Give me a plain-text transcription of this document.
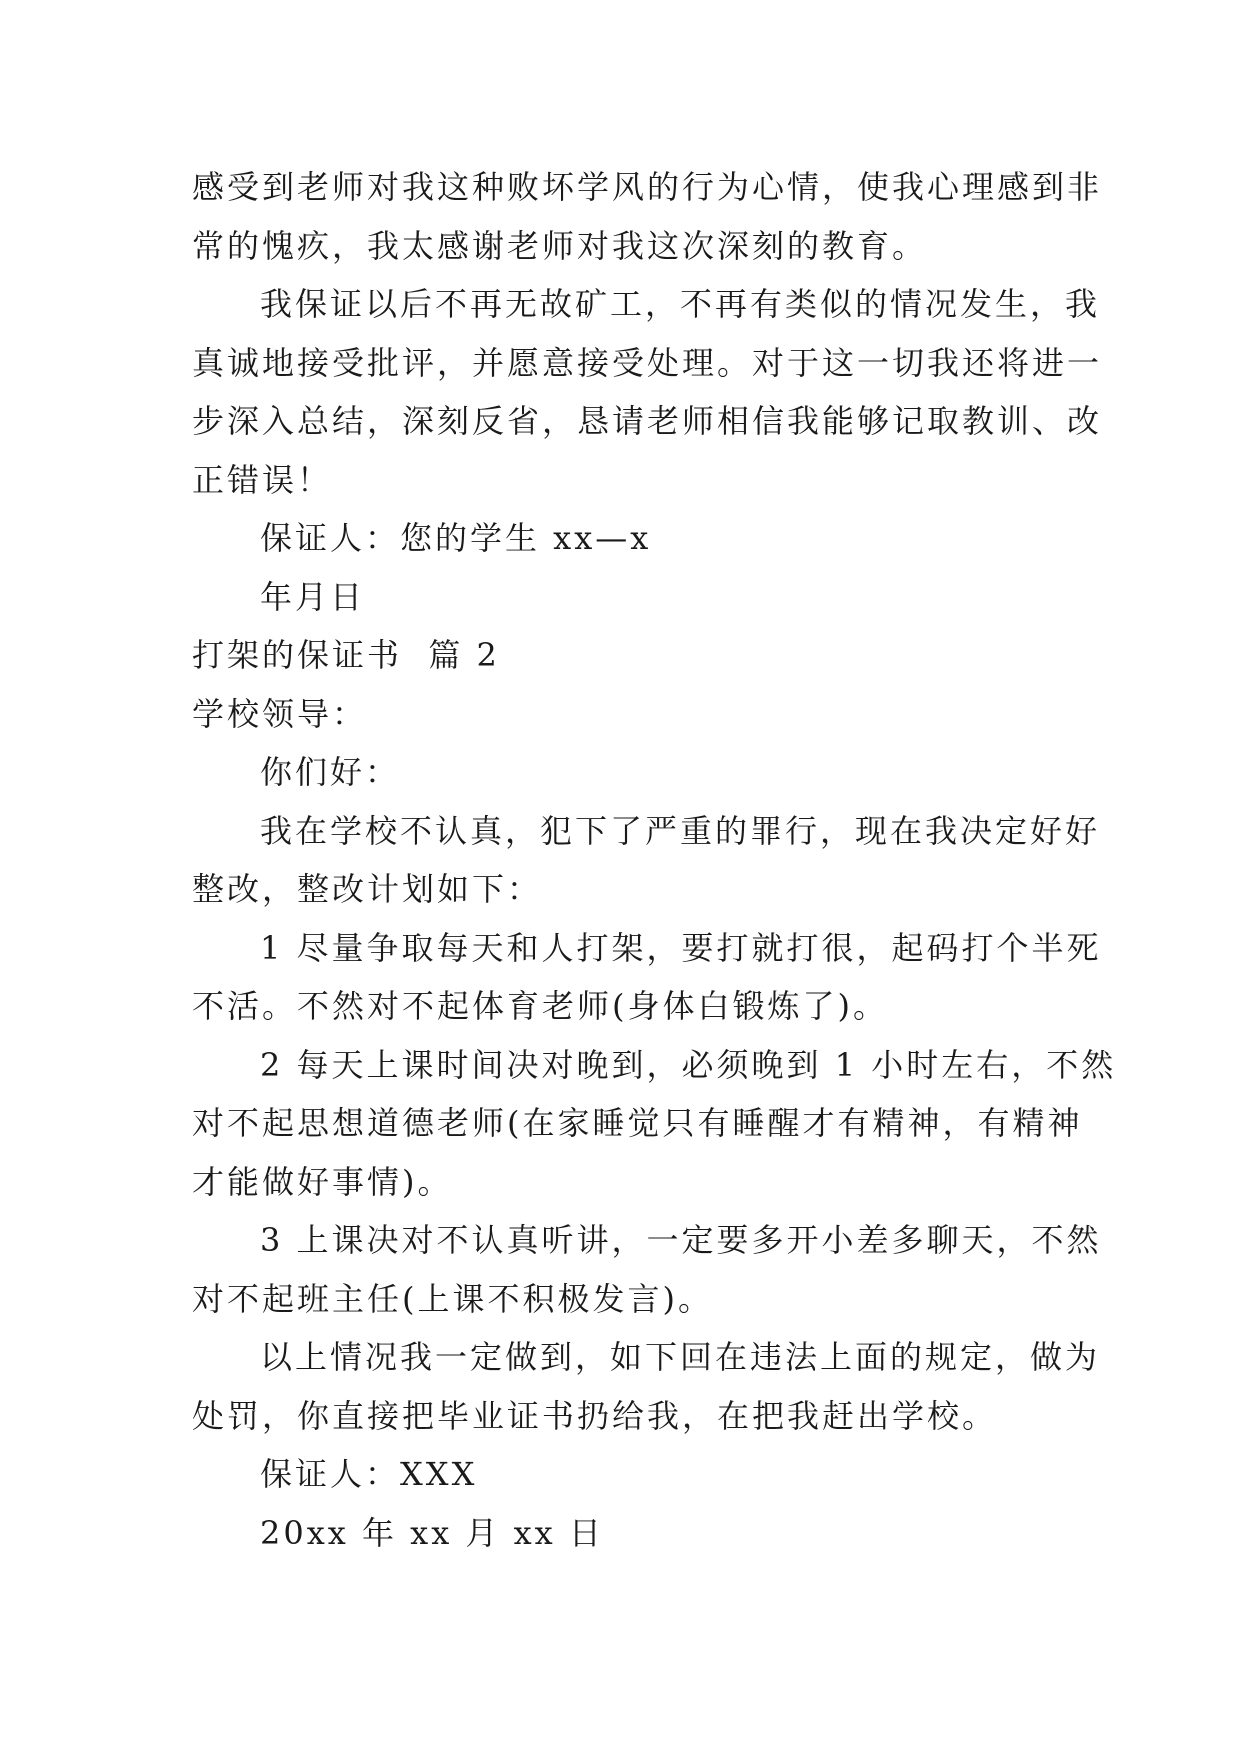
感受到老师对我这种败坏学风的行为心情，使我心理感到非
常的愧疚，我太感谢老师对我这次深刻的教育。

我保证以后不再无故矿工，不再有类似的情况发生，我
真诚地接受批评，并愿意接受处理。对于这一切我还将进一
步深入总结，深刻反省，恳请老师相信我能够记取教训、改
正错误！

保证人：您的学生 xx—x

年月日

打架的保证书  篇 2

学校领导：

你们好：

我在学校不认真，犯下了严重的罪行，现在我决定好好
整改，整改计划如下：

1 尽量争取每天和人打架，要打就打很，起码打个半死
不活。不然对不起体育老师(身体白锻炼了)。

2 每天上课时间决对晚到，必须晚到 1 小时左右，不然
对不起思想道德老师(在家睡觉只有睡醒才有精神，有精神
才能做好事情)。

3 上课决对不认真听讲，一定要多开小差多聊天，不然
对不起班主任(上课不积极发言)。

以上情况我一定做到，如下回在违法上面的规定，做为
处罚，你直接把毕业证书扔给我，在把我赶出学校。

保证人：XXX

20xx 年 xx 月 xx 日
